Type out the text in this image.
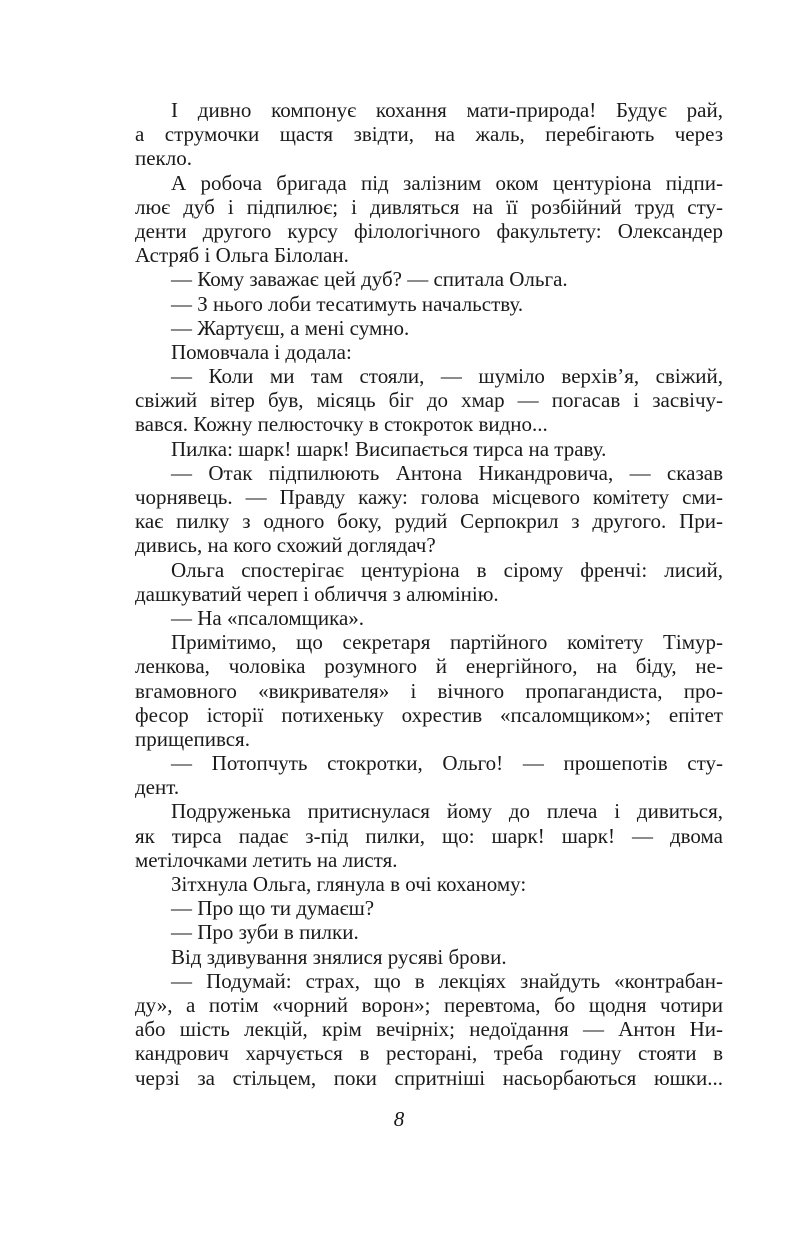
І дивно компонує кохання мати-природа! Будує рай,
а струмочки щастя звідти, на жаль, перебігають через
пекло.
А робоча бригада під залізним оком центуріона підпи-
лює дуб і підпилює; і дивляться на її розбійний труд сту-
денти другого курсу філологічного факультету: Олександер
Астряб і Ольга Білолан.
— Кому заважає цей дуб? — спитала Ольга.
— З нього лоби тесатимуть начальству.
— Жартуєш, а мені сумно.
Помовчала і додала:
— Коли ми там стояли, — шуміло верхів’я, свіжий,
свіжий вітер був, місяць біг до хмар — погасав і засвічу-
вався. Кожну пелюсточку в стокроток видно...
Пилка: шарк! шарк! Висипається тирса на траву.
— Отак підпилюють Антона Никандровича, — сказав
чорнявець. — Правду кажу: голова місцевого комітету сми-
кає пилку з одного боку, рудий Серпокрил з другого. При-
дивись, на кого схожий доглядач?
Ольга спостерігає центуріона в сірому френчі: лисий,
дашкуватий череп і обличчя з алюмінію.
— На «псаломщика».
Примітимо, що секретаря партійного комітету Тімур-
ленкова, чоловіка розумного й енергійного, на біду, не-
вгамовного «викривателя» і вічного пропагандиста, про-
фесор історії потихеньку охрестив «псаломщиком»; епітет
прищепився.
— Потопчуть стокротки, Ольго! — прошепотів сту-
дент.
Подруженька притиснулася йому до плеча і дивиться,
як тирса падає з-під пилки, що: шарк! шарк! — двома
метілочками летить на листя.
Зітхнула Ольга, глянула в очі коханому:
— Про що ти думаєш?
— Про зуби в пилки.
Від здивування знялися русяві брови.
— Подумай: страх, що в лекціях знайдуть «контрабан-
ду», а потім «чорний ворон»; перевтома, бо щодня чотири
або шість лекцій, крім вечірніх; недоїдання — Антон Ни-
кандрович харчується в ресторані, треба годину стояти в
черзі за стільцем, поки спритніші насьорбаються юшки...
8
